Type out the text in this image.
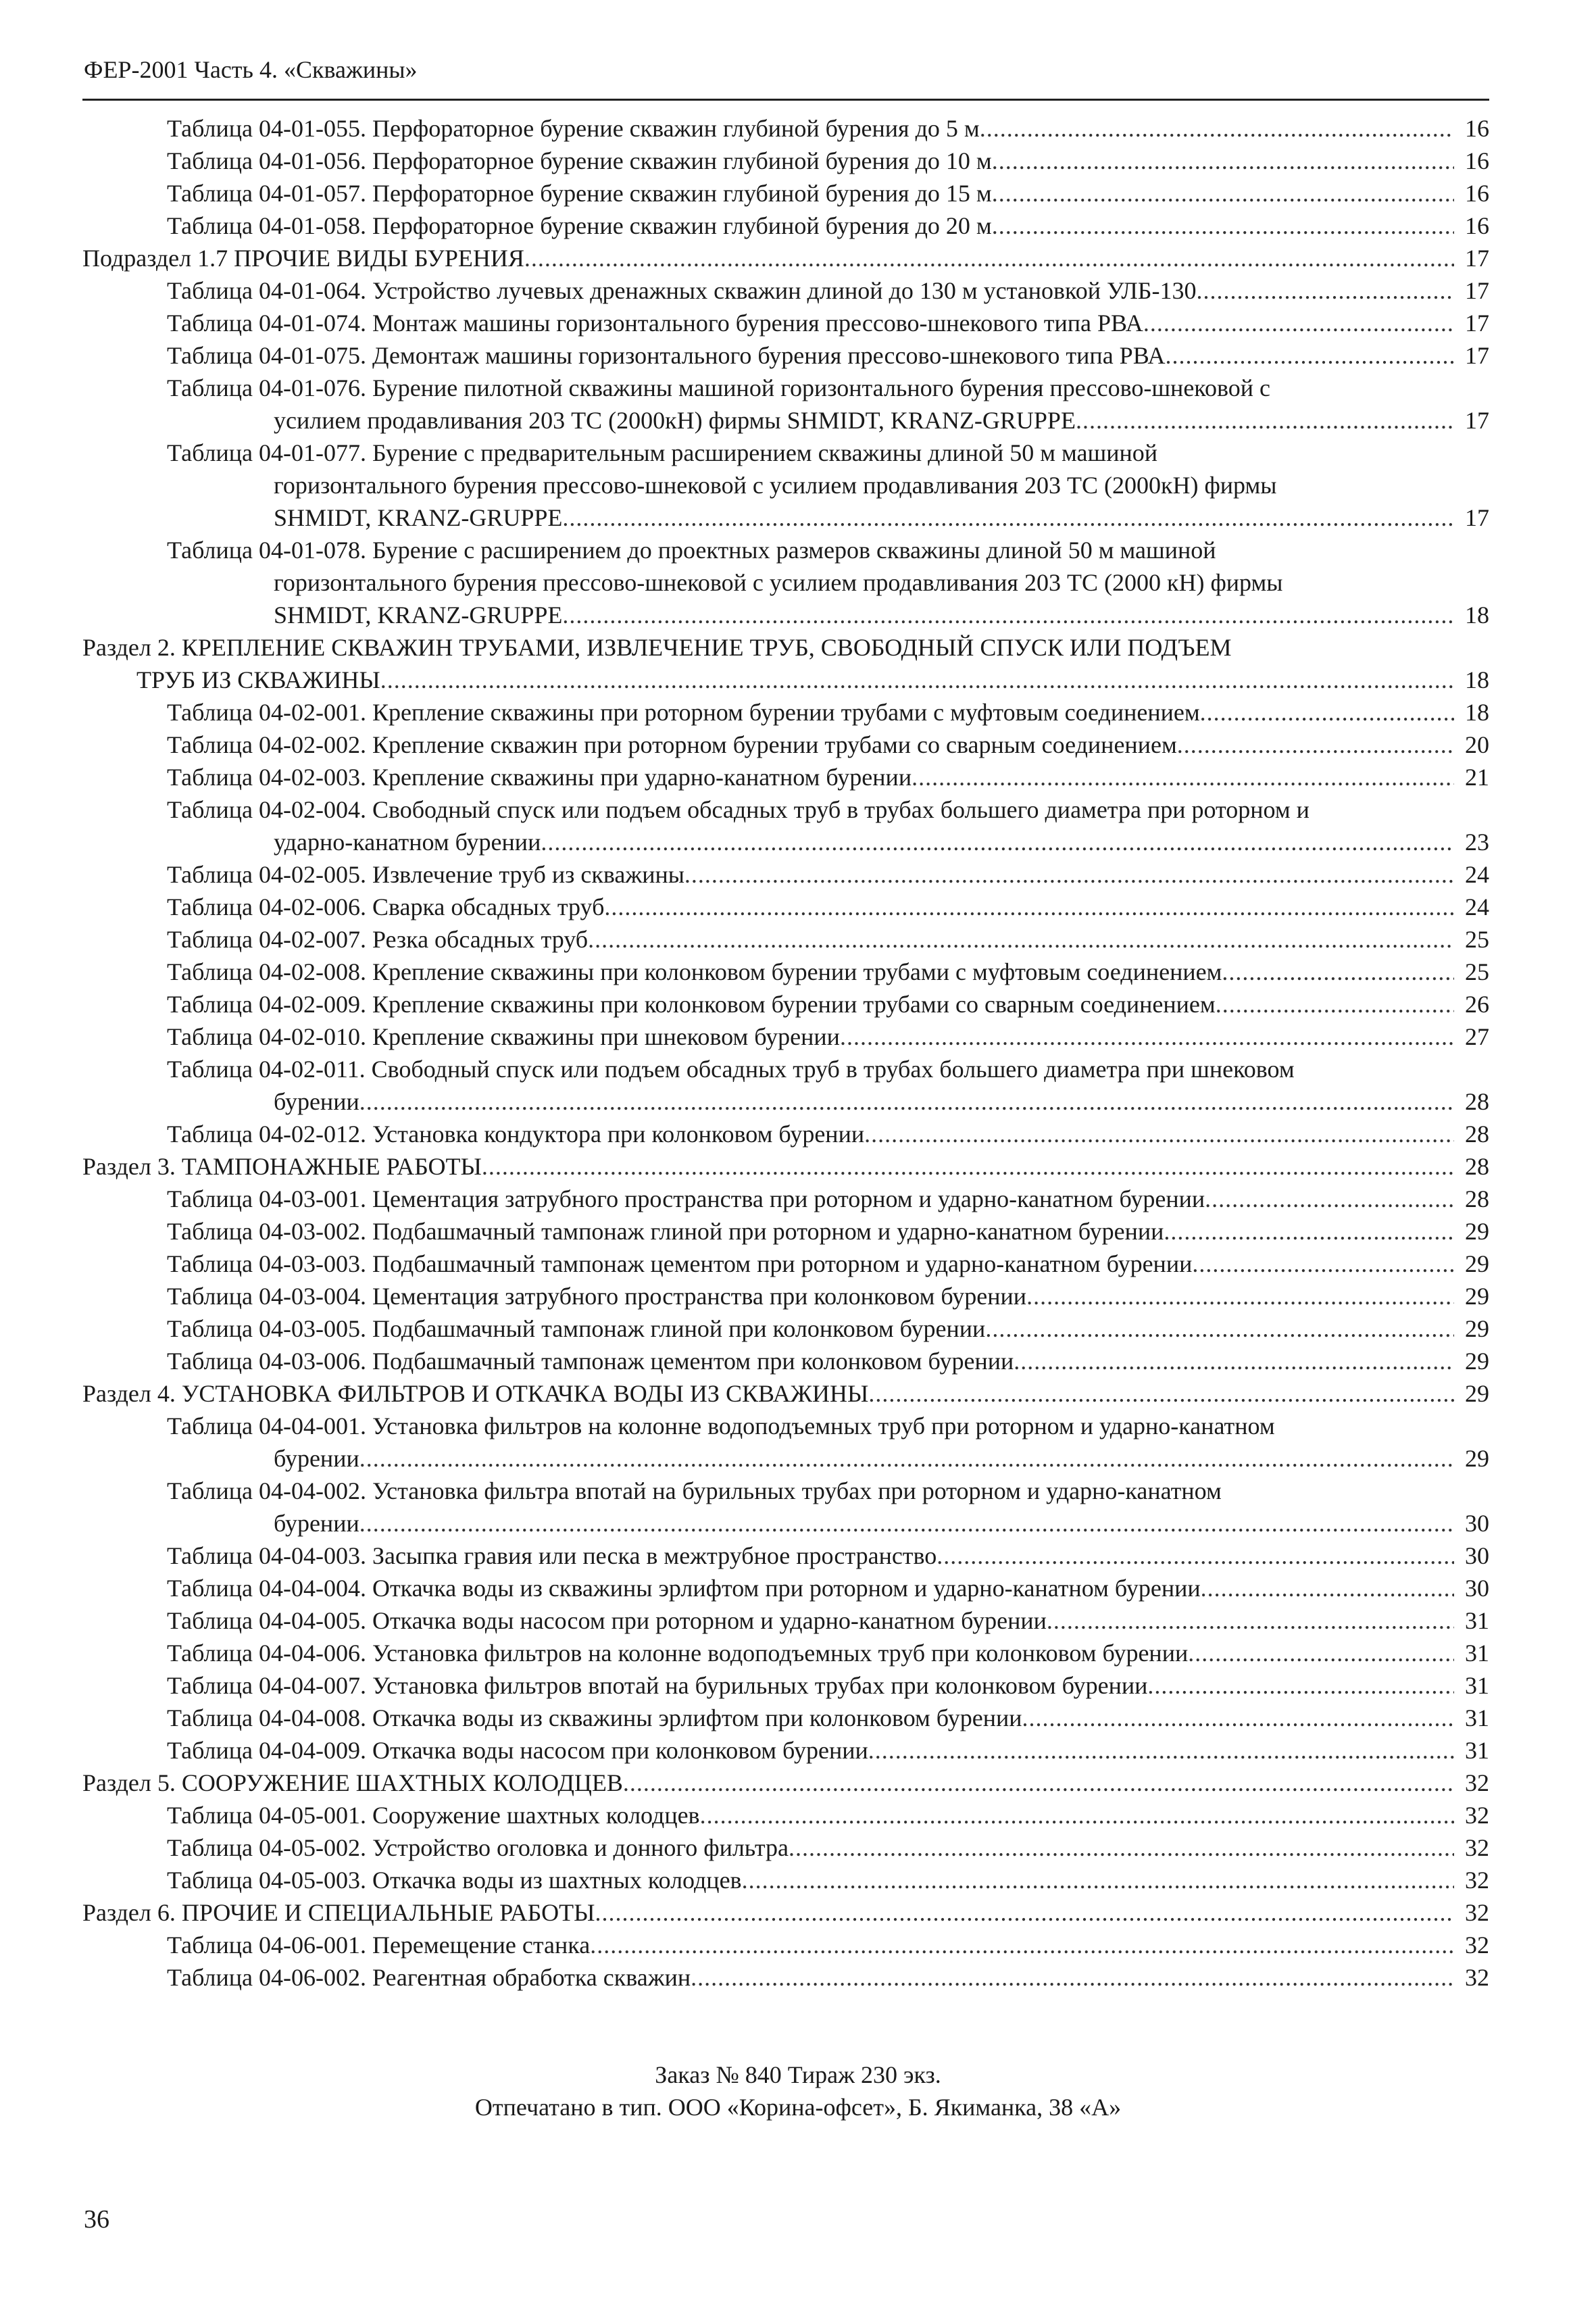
ФЕР-2001 Часть 4. «Скважины»
Таблица 04-01-055. Перфораторное бурение скважин глубиной бурения до 5 м .....	16
Таблица 04-01-056. Перфораторное бурение скважин глубиной бурения до 10 м .....	16
Таблица 04-01-057. Перфораторное бурение скважин глубиной бурения до 15 м .....	16
Таблица 04-01-058. Перфораторное бурение скважин глубиной бурения до 20 м .....	16
Подраздел 1.7 ПРОЧИЕ ВИДЫ БУРЕНИЯ .....	17
Таблица 04-01-064. Устройство лучевых дренажных скважин длиной до 130 м установкой УЛБ-130 .....	17
Таблица 04-01-074. Монтаж машины горизонтального бурения прессово-шнекового типа РВА .....	17
Таблица 04-01-075. Демонтаж машины горизонтального бурения прессово-шнекового типа РВА .....	17
Таблица 04-01-076. Бурение пилотной скважины машиной горизонтального бурения прессово-шнековой с
усилием продавливания 203 ТС (2000кН) фирмы SHMIDT, KRANZ-GRUPPE .....	17
Таблица 04-01-077. Бурение с предварительным расширением скважины длиной 50 м машиной
горизонтального бурения прессово-шнековой с усилием продавливания 203 ТС (2000кН) фирмы
SHMIDT, KRANZ-GRUPPE .....	17
Таблица 04-01-078. Бурение с расширением до проектных размеров скважины длиной 50 м машиной
горизонтального бурения прессово-шнековой с усилием продавливания 203 ТС (2000 кН) фирмы
SHMIDT, KRANZ-GRUPPE .....	18
Раздел 2. КРЕПЛЕНИЕ СКВАЖИН ТРУБАМИ, ИЗВЛЕЧЕНИЕ ТРУБ, СВОБОДНЫЙ СПУСК ИЛИ ПОДЪЕМ
ТРУБ ИЗ СКВАЖИНЫ .....	18
Таблица 04-02-001. Крепление скважины при роторном бурении трубами с муфтовым соединением .....	18
Таблица 04-02-002. Крепление скважин при роторном бурении трубами со сварным соединением .....	20
Таблица 04-02-003. Крепление скважины при ударно-канатном бурении .....	21
Таблица 04-02-004. Свободный спуск или подъем обсадных труб в трубах большего диаметра при роторном и
ударно-канатном бурении .....	23
Таблица 04-02-005. Извлечение труб из скважины .....	24
Таблица 04-02-006. Сварка обсадных труб .....	24
Таблица 04-02-007. Резка обсадных труб .....	25
Таблица 04-02-008. Крепление скважины при колонковом бурении трубами с муфтовым соединением .....	25
Таблица 04-02-009. Крепление скважины при колонковом бурении трубами со сварным соединением .....	26
Таблица 04-02-010. Крепление скважины при шнековом бурении .....	27
Таблица 04-02-011. Свободный спуск или подъем обсадных труб в трубах большего диаметра при шнековом
бурении .....	28
Таблица 04-02-012. Установка кондуктора при колонковом бурении .....	28
Раздел 3. ТАМПОНАЖНЫЕ РАБОТЫ .....	28
Таблица 04-03-001. Цементация затрубного пространства при роторном и ударно-канатном бурении .....	28
Таблица 04-03-002. Подбашмачный тампонаж глиной при роторном и ударно-канатном бурении .....	29
Таблица 04-03-003. Подбашмачный тампонаж цементом при роторном и ударно-канатном бурении .....	29
Таблица 04-03-004. Цементация затрубного пространства при колонковом бурении .....	29
Таблица 04-03-005. Подбашмачный тампонаж глиной при колонковом бурении .....	29
Таблица 04-03-006. Подбашмачный тампонаж цементом при колонковом бурении .....	29
Раздел 4. УСТАНОВКА ФИЛЬТРОВ И ОТКАЧКА ВОДЫ ИЗ СКВАЖИНЫ .....	29
Таблица 04-04-001. Установка фильтров на колонне водоподъемных труб при роторном и ударно-канатном
бурении .....	29
Таблица 04-04-002. Установка фильтра впотай на бурильных трубах при роторном и ударно-канатном
бурении .....	30
Таблица 04-04-003. Засыпка гравия или песка в межтрубное пространство .....	30
Таблица 04-04-004. Откачка воды из скважины эрлифтом при роторном и ударно-канатном бурении .....	30
Таблица 04-04-005. Откачка воды насосом при роторном и ударно-канатном бурении .....	31
Таблица 04-04-006. Установка фильтров на колонне водоподъемных труб при колонковом бурении .....	31
Таблица 04-04-007. Установка фильтров впотай на бурильных трубах при колонковом бурении .....	31
Таблица 04-04-008. Откачка воды из скважины эрлифтом при колонковом бурении .....	31
Таблица 04-04-009. Откачка воды насосом при колонковом бурении .....	31
Раздел 5. СООРУЖЕНИЕ ШАХТНЫХ КОЛОДЦЕВ .....	32
Таблица 04-05-001. Сооружение шахтных колодцев .....	32
Таблица 04-05-002. Устройство оголовка и донного фильтра .....	32
Таблица 04-05-003. Откачка воды из шахтных колодцев .....	32
Раздел 6. ПРОЧИЕ И СПЕЦИАЛЬНЫЕ РАБОТЫ .....	32
Таблица 04-06-001. Перемещение станка .....	32
Таблица 04-06-002. Реагентная обработка скважин .....	32
Заказ № 840 Тираж 230 экз.
Отпечатано в тип. ООО «Корина-офсет», Б. Якиманка, 38 «А»
36
